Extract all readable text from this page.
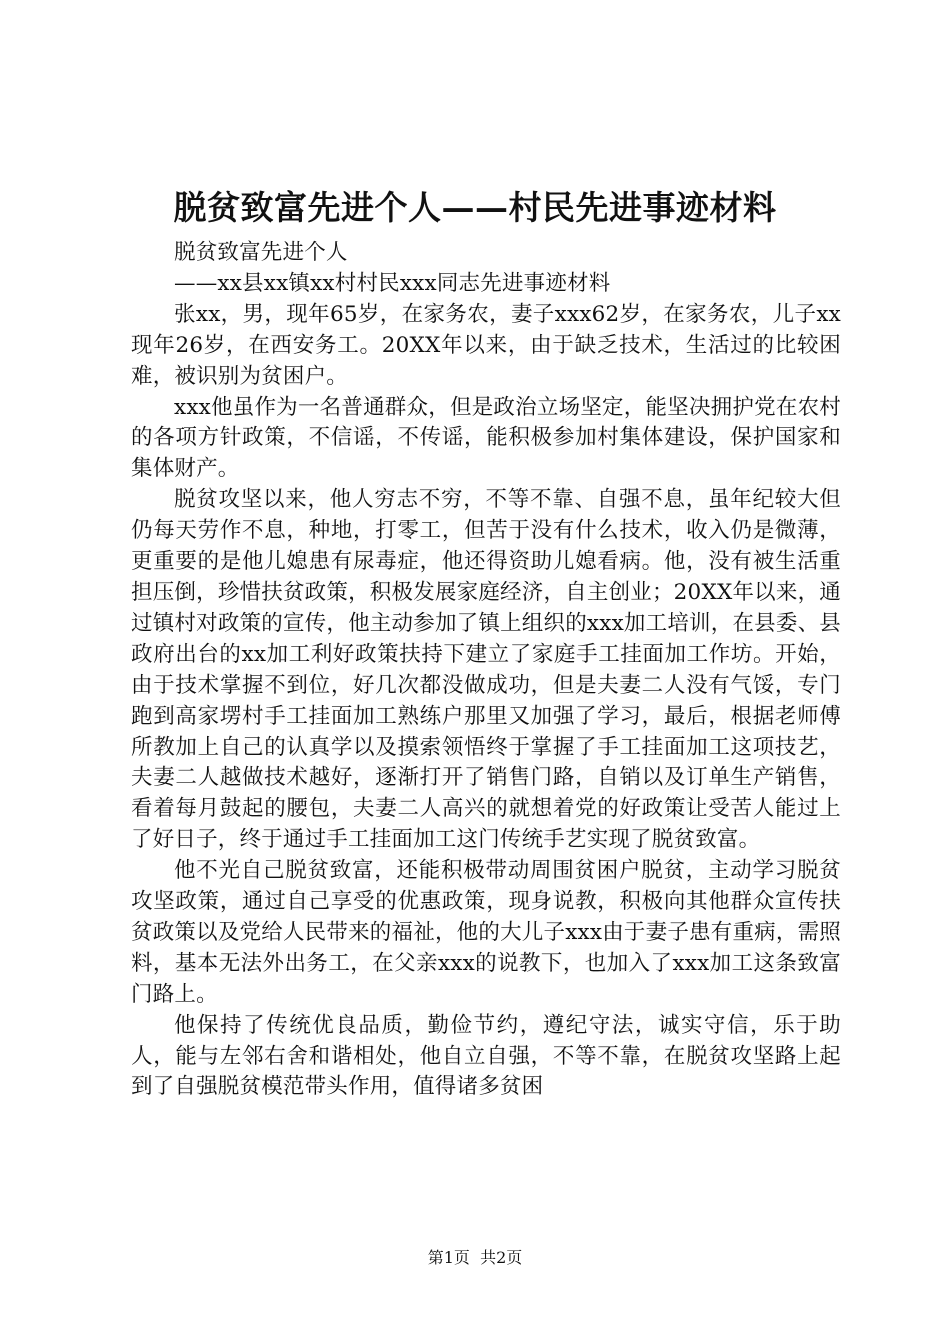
脱贫致富先进个人——村民先进事迹材料

脱贫致富先进个人

——xx县xx镇xx村村民xxx同志先进事迹材料

张xx，男，现年65岁，在家务农，妻子xxx62岁，在家务农，儿子xx现年26岁，在西安务工。20XX年以来，由于缺乏技术，生活过的比较困难，被识别为贫困户。

xxx他虽作为一名普通群众，但是政治立场坚定，能坚决拥护党在农村的各项方针政策，不信谣，不传谣，能积极参加村集体建设，保护国家和集体财产。

脱贫攻坚以来，他人穷志不穷，不等不靠、自强不息，虽年纪较大但仍每天劳作不息，种地，打零工，但苦于没有什么技术，收入仍是微薄，更重要的是他儿媳患有尿毒症，他还得资助儿媳看病。他，没有被生活重担压倒，珍惜扶贫政策，积极发展家庭经济，自主创业；20XX年以来，通过镇村对政策的宣传，他主动参加了镇上组织的xxx加工培训，在县委、县政府出台的xx加工利好政策扶持下建立了家庭手工挂面加工作坊。开始，由于技术掌握不到位，好几次都没做成功，但是夫妻二人没有气馁，专门跑到高家塄村手工挂面加工熟练户那里又加强了学习，最后，根据老师傅所教加上自己的认真学以及摸索领悟终于掌握了手工挂面加工这项技艺，夫妻二人越做技术越好，逐渐打开了销售门路，自销以及订单生产销售，看着每月鼓起的腰包，夫妻二人高兴的就想着党的好政策让受苦人能过上了好日子，终于通过手工挂面加工这门传统手艺实现了脱贫致富。

他不光自己脱贫致富，还能积极带动周围贫困户脱贫，主动学习脱贫攻坚政策，通过自己享受的优惠政策，现身说教，积极向其他群众宣传扶贫政策以及党给人民带来的福祉，他的大儿子xxx由于妻子患有重病，需照料，基本无法外出务工，在父亲xxx的说教下，也加入了xxx加工这条致富门路上。

他保持了传统优良品质，勤俭节约，遵纪守法，诚实守信，乐于助人，能与左邻右舍和谐相处，他自立自强，不等不靠，在脱贫攻坚路上起到了自强脱贫模范带头作用，值得诸多贫困

第1页  共2页
